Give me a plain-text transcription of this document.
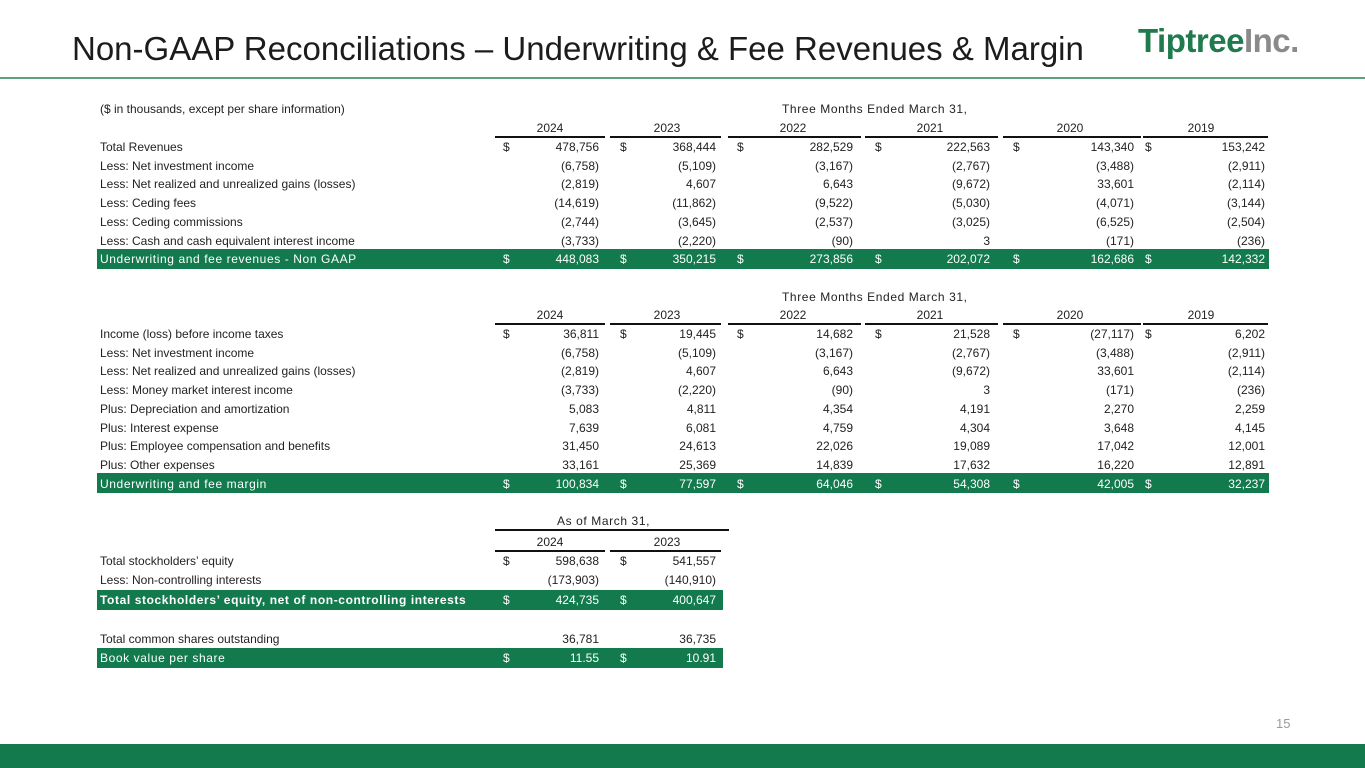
Non-GAAP Reconciliations – Underwriting & Fee Revenues & Margin TiptreeInc.
($ in thousands, except per share information)	Three Months Ended March 31,
2024	2023	2022	2021	2020	2019
Total Revenues	$	478,756 $	368,444 $	282,529 $	222,563 $	143,340 $	153,242
Less: Net investment income	(6,758)	(5,109)	(3,167)	(2,767)	(3,488)	(2,911)
Less: Net realized and unrealized gains (losses)	(2,819)	4,607	6,643	(9,672)	33,601	(2,114)
Less: Ceding fees	(14,619)	(11,862)	(9,522)	(5,030)	(4,071)	(3,144)
Less: Ceding commissions	(2,744)	(3,645)	(2,537)	(3,025)	(6,525)	(2,504)
Less: Cash and cash equivalent interest income	(3,733)	(2,220)	(90)	3	(171)	(236)
Underwriting and fee revenues - Non GAAP	$	448,083 $	350,215 $	273,856 $	202,072 $	162,686 $	142,332
Three Months Ended March 31,
2024	2023	2022	2021	2020	2019
Income (loss) before income taxes	$	36,811 $	19,445 $	14,682 $	21,528 $	(27,117) $	6,202
Less: Net investment income	(6,758)	(5,109)	(3,167)	(2,767)	(3,488)	(2,911)
Less: Net realized and unrealized gains (losses)	(2,819)	4,607	6,643	(9,672)	33,601	(2,114)
Less: Money market interest income	(3,733)	(2,220)	(90)	3	(171)	(236)
Plus: Depreciation and amortization	5,083	4,811	4,354	4,191	2,270	2,259
Plus: Interest expense	7,639	6,081	4,759	4,304	3,648	4,145
Plus: Employee compensation and benefits	31,450	24,613	22,026	19,089	17,042	12,001
Plus: Other expenses	33,161	25,369	14,839	17,632	16,220	12,891
Underwriting and fee margin	$	100,834 $	77,597 $	64,046 $	54,308 $	42,005 $	32,237
As of March 31,
2024	2023
Total stockholders’ equity	$	598,638 $	541,557
Less: Non-controlling interests	(173,903)	(140,910)
Total stockholders’ equity, net of non-controlling interests	$	424,735 $	400,647
Total common shares outstanding	36,781	36,735
Book value per share	$	11.55 $	10.91
15
